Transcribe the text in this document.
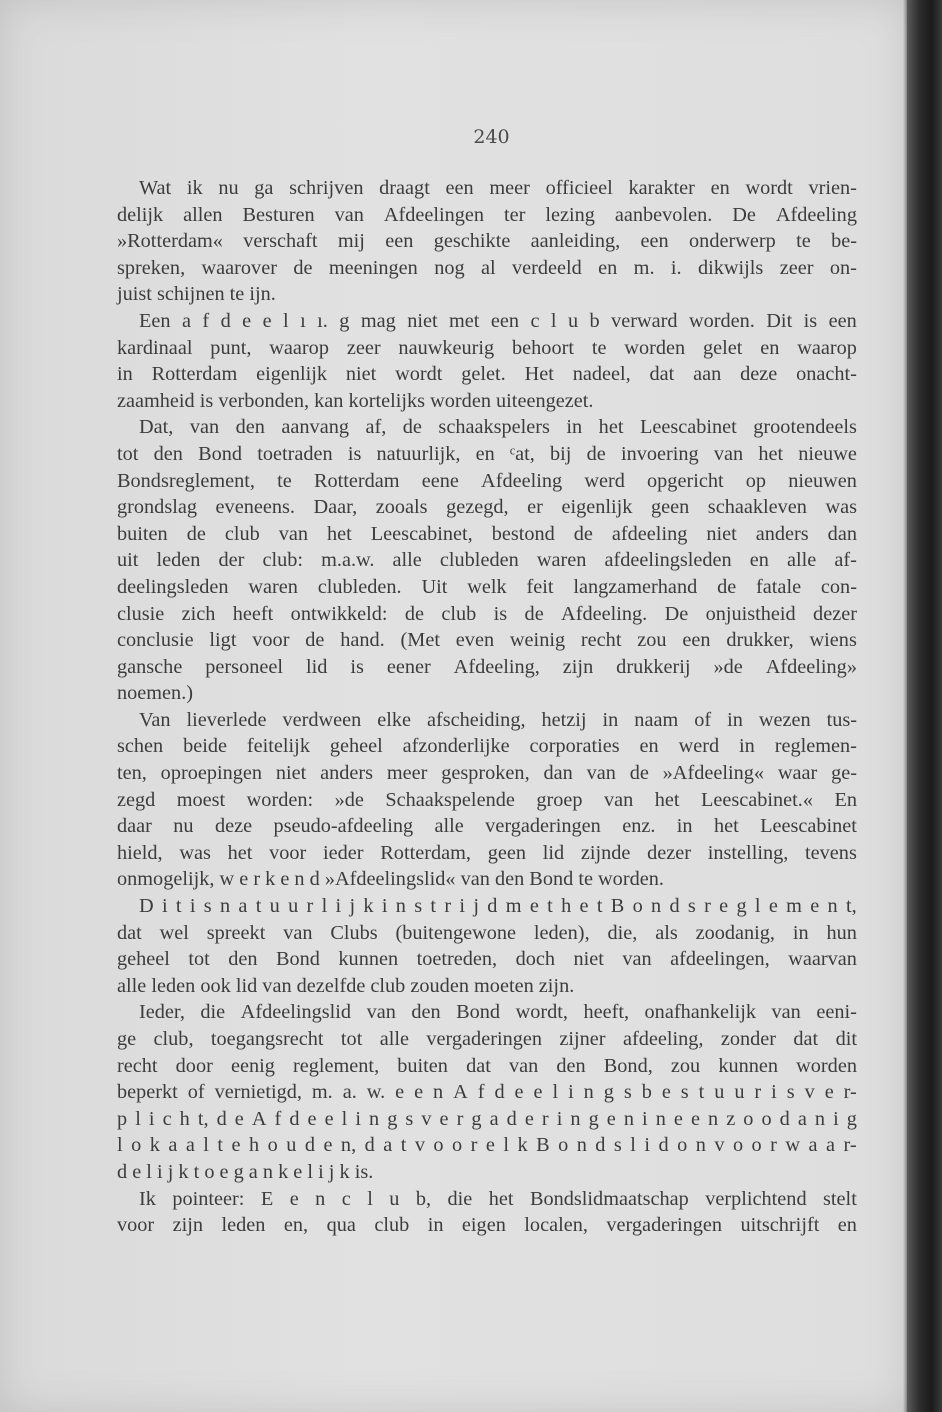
240
Wat ik nu ga schrijven draagt een meer officieel karakter en wordt vrien-
delijk allen Besturen van Afdeelingen ter lezing aanbevolen. De Afdeeling
»Rotterdam« verschaft mij een geschikte aanleiding, een onderwerp te be-
spreken, waarover de meeningen nog al verdeeld en m. i. dikwijls zeer on-
juist schijnen te ijn.
Een a f d e e l ı ı. g mag niet met een c l u b verward worden. Dit is een
kardinaal punt, waarop zeer nauwkeurig behoort te worden gelet en waarop
in Rotterdam eigenlijk niet wordt gelet. Het nadeel, dat aan deze onacht-
zaamheid is verbonden, kan kortelijks worden uiteengezet.
Dat, van den aanvang af, de schaakspelers in het Leescabinet grootendeels
tot den Bond toetraden is natuurlijk, en ᶜat, bij de invoering van het nieuwe
Bondsreglement, te Rotterdam eene Afdeeling werd opgericht op nieuwen
grondslag eveneens. Daar, zooals gezegd, er eigenlijk geen schaakleven was
buiten de club van het Leescabinet, bestond de afdeeling niet anders dan
uit leden der club: m.a.w. alle clubleden waren afdeelingsleden en alle af-
deelingsleden waren clubleden. Uit welk feit langzamerhand de fatale con-
clusie zich heeft ontwikkeld: de club is de Afdeeling. De onjuistheid dezer
conclusie ligt voor de hand. (Met even weinig recht zou een drukker, wiens
gansche personeel lid is eener Afdeeling, zijn drukkerij »de Afdeeling»
noemen.)
Van lieverlede verdween elke afscheiding, hetzij in naam of in wezen tus-
schen beide feitelijk geheel afzonderlijke corporaties en werd in reglemen-
ten, oproepingen niet anders meer gesproken, dan van de »Afdeeling« waar ge-
zegd moest worden: »de Schaakspelende groep van het Leescabinet.« En
daar nu deze pseudo-afdeeling alle vergaderingen enz. in het Leescabinet
hield, was het voor ieder Rotterdam, geen lid zijnde dezer instelling, tevens
onmogelijk, w e r k e n d »Afdeelingslid« van den Bond te worden.
D i t i s n a t u u r l i j k i n s t r i j d m e t h e t B o n d s r e g l e m e n t,
dat wel spreekt van Clubs (buitengewone leden), die, als zoodanig, in hun
geheel tot den Bond kunnen toetreden, doch niet van afdeelingen, waarvan
alle leden ook lid van dezelfde club zouden moeten zijn.
Ieder, die Afdeelingslid van den Bond wordt, heeft, onafhankelijk van eeni-
ge club, toegangsrecht tot alle vergaderingen zijner afdeeling, zonder dat dit
recht door eenig reglement, buiten dat van den Bond, zou kunnen worden
beperkt of vernietigd, m. a. w. e e n A f d e e l i n g s b e s t u u r i s v e r-
p l i c h t, d e A f d e e l i n g s v e r g a d e r i n g e n i n e e n z o o d a n i g
l o k a a l t e h o u d e n, d a t v o o r e l k B o n d s l i d o n v o o r w a a r-
d e l i j k t o e g a n k e l i j k is.
Ik pointeer: E e n c l u b, die het Bondslidmaatschap verplichtend stelt
voor zijn leden en, qua club in eigen localen, vergaderingen uitschrijft en
